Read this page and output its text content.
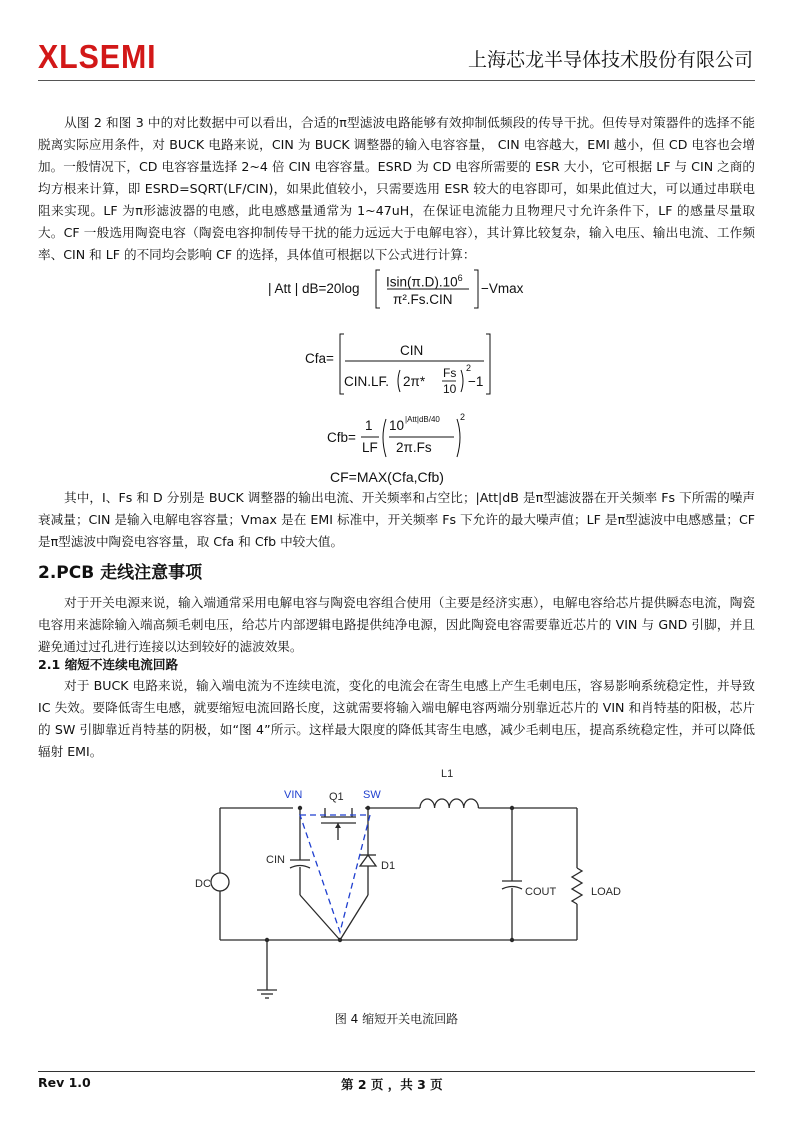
XLSEMI	上海芯龙半导体技术股份有限公司

从图 2 和图 3 中的对比数据中可以看出，合适的π型滤波电路能够有效抑制低频段的传导干扰。但传导对策器件的选择不能脱离实际应用条件，对 BUCK 电路来说，CIN 为 BUCK 调整器的输入电容容量， CIN 电容越大，EMI 越小，但 CD 电容也会增加。一般情况下，CD 电容容量选择 2~4 倍 CIN 电容容量。ESRD 为 CD 电容所需要的 ESR 大小，它可根据 LF 与 CIN 之商的均方根来计算，即 ESRD=SQRT(LF/CIN)，如果此值较小，只需要选用 ESR 较大的电容即可，如果此值过大，可以通过串联电阻来实现。LF 为π形滤波器的电感，此电感感量通常为 1~47uH，在保证电流能力且物理尺寸允许条件下，LF 的感量尽量取大。CF 一般选用陶瓷电容（陶瓷电容抑制传导干扰的能力远远大于电解电容），其计算比较复杂，输入电压、输出电流、工作频率、CIN 和 LF 的不同均会影响 CF 的选择，具体值可根据以下公式进行计算：

| Att | dB=20log $Isin(\pi.D).10^6$
π².Fs.CIN
−Vmax
Cfa=
CIN
CIN.LF. 2π*
Fs
10
2
−1
Cfb=
1
LF
10 |Att|dB/40
2π.Fs
2
CF=MAX(Cfa,Cfb)

其中，I、Fs 和 D 分别是 BUCK 调整器的输出电流、开关频率和占空比；|Att|dB 是π型滤波器在开关频率 Fs 下所需的噪声衰减量；CIN 是输入电解电容容量；Vmax 是在 EMI 标准中，开关频率 Fs 下允许的最大噪声值；LF 是π型滤波中电感感量；CF 是π型滤波中陶瓷电容容量，取 Cfa 和 Cfb 中较大值。

2.PCB 走线注意事项

对于开关电源来说，输入端通常采用电解电容与陶瓷电容组合使用（主要是经济实惠），电解电容给芯片提供瞬态电流，陶瓷电容用来滤除输入端高频毛刺电压，给芯片内部逻辑电路提供纯净电源，因此陶瓷电容需要靠近芯片的 VIN 与 GND 引脚，并且避免通过过孔进行连接以达到较好的滤波效果。

2.1 缩短不连续电流回路

对于 BUCK 电路来说，输入端电流为不连续电流，变化的电流会在寄生电感上产生毛刺电压，容易影响系统稳定性，并导致 IC 失效。要降低寄生电感，就要缩短电流回路长度，这就需要将输入端电解电容两端分别靠近芯片的 VIN 和肖特基的阳极，芯片的 SW 引脚靠近肖特基的阴极，如“图 4”所示。这样最大限度的降低其寄生电感，减少毛刺电压，提高系统稳定性，并可以降低辐射 EMI。

VIN Q1 SW
L1
CIN	D1
DC
COUT	LOAD
图 4 缩短开关电流回路
Rev 1.0	第 2 页 ，共 3 页
